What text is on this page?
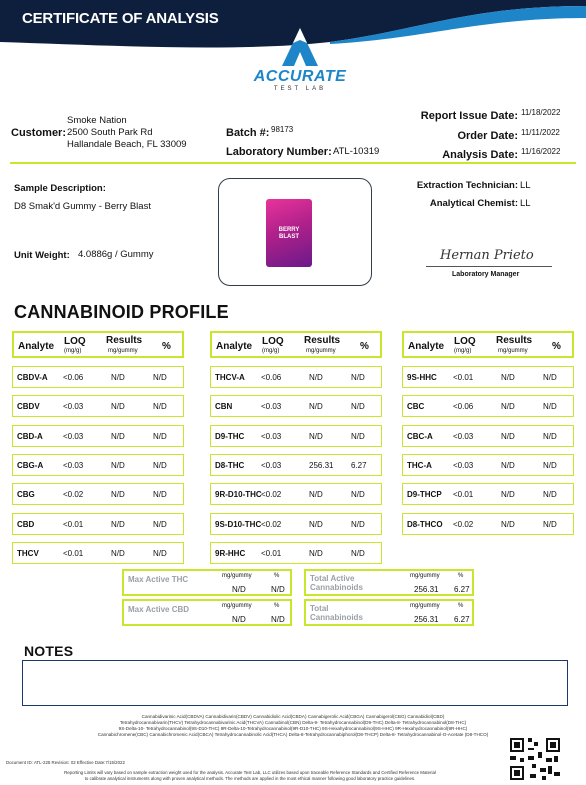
CERTIFICATE OF ANALYSIS
ACCURATE
TEST LAB
Customer:
Smoke Nation
2500 South Park Rd
Hallandale Beach, FL 33009
Batch #: 98173
Laboratory Number: ATL-10319
Report Issue Date: 11/18/2022
Order Date: 11/11/2022
Analysis Date: 11/16/2022
Sample Description:
D8 Smak'd Gummy - Berry Blast
Unit Weight: 4.0886g / Gummy
BERRY
BLAST
Extraction Technician: LL
Analytical Chemist: LL
Hernan Prieto
Laboratory Manager
CANNABINOID PROFILE
Analyte LOQ
(mg/g)
Results
mg/gummy %
CBDV-A <0.06	N/D	N/D
CBDV	<0.03	N/D	N/D
CBD-A	<0.03	N/D	N/D
CBG-A <0.03	N/D	N/D
CBG	<0.02	N/D	N/D
CBD	<0.01	N/D	N/D
THCV	<0.01	N/D	N/D
Analyte LOQ
(mg/g)
Results
mg/gummy %
THCV-A <0.06	N/D	N/D
CBN	<0.03	N/D	N/D
D9-THC <0.03	N/D	N/D
D8-THC <0.03	256.31 6.27
9R-D10-THC <0.02	N/D	N/D
9S-D10-THC <0.02	N/D	N/D
9R-HHC <0.01	N/D	N/D
Analyte LOQ
(mg/g)
Results
mg/gummy %
9S-HHC <0.01	N/D	N/D
CBC	<0.06	N/D	N/D
CBC-A	<0.03	N/D	N/D
THC-A	<0.03	N/D	N/D
D9-THCP <0.01	N/D	N/D
D8-THCO <0.02	N/D	N/D
Max Active THC	mg/gummy	%
N/D	N/D
Max Active CBD	mg/gummy	%
N/D	N/D
Total Active
Cannabinoids
mg/gummy	%
256.31 6.27
Total
Cannabinoids
mg/gummy	%
256.31 6.27
NOTES
Cannabidivarinic Acid(CBDVA) Cannabidivarin(CBDV) Cannabidiolic Acid(CBDA) Cannabigerolic Acid(CBGA) Cannabigerol(CBG) Cannabidiol(CBD)
Tetrahydrocannabivarin(THCV) Tetrahydrocannabivarinic Acid(THCVA) Cannabinol(CBN) Delta-9- Tetrahydrocannabinol(D9-THC) Delta-8- Tetrahydrocannabinol(D8-THC)
9S-Delta-10- Tetrahydrocannabinol(9S-D10-THC) 9R-Delta-10-Tetrahydrocannabinol(9R-D10-THC) 9S-Hexahydrocannabinol(9S-HHC) 9R-Hexahydrocannabinol(9R-HHC)
Cannabichromene(CBC) Cannabichromenic Acid(CBCA) Tetrahydrocannabinolic Acid(THCA) Delta-8-Tetrahydrocannabiphorol(D8-THCP) Delta-8- Tetrahydrocannabinol-O-Acetate (D8-THCO)
Document ID: ATL-225 Revision: 02 Effective Date:7/15/2022
Reporting Limits will vary based on sample extraction weight used for the analysis. Accurate Test Lab, LLC utilizes based upon traceable Reference Standards and Certified Reference Material
to calibrate analytical instruments along with proven analytical methods. The methods are applied in the most ethical manner following good laboratory practice guidelines.
